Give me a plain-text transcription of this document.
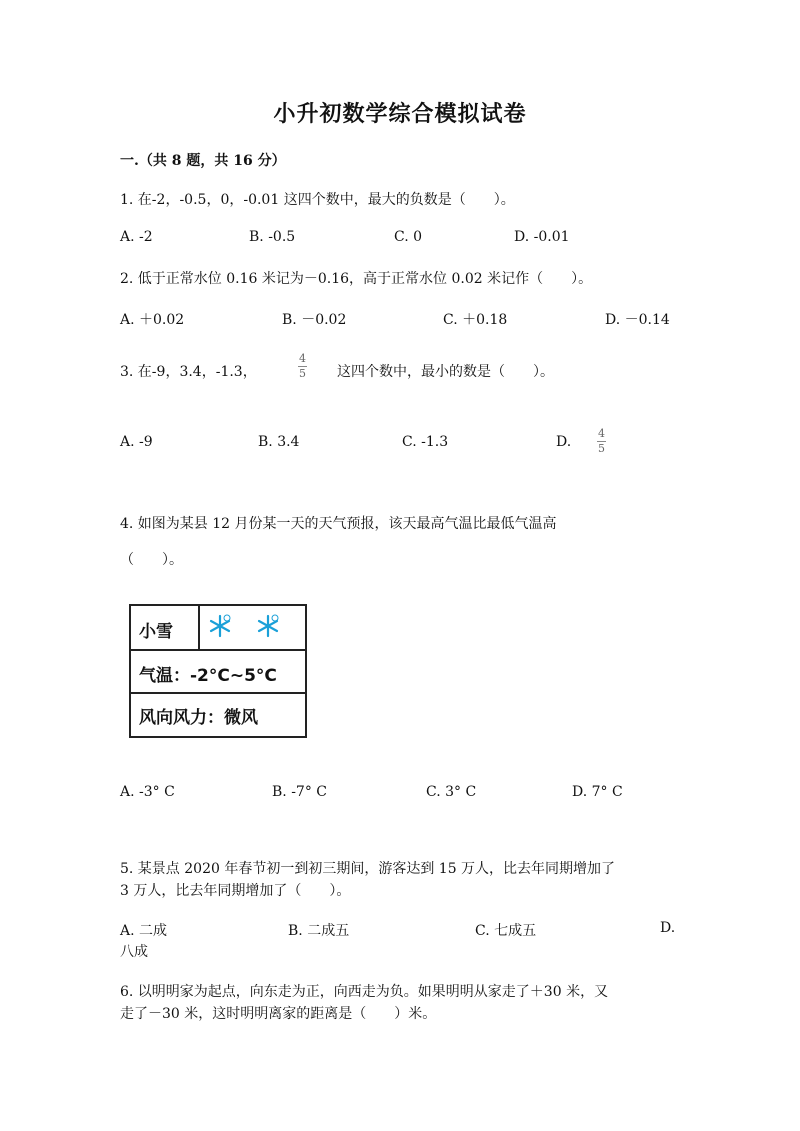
小升初数学综合模拟试卷
一.（共 8 题，共 16 分）
1. 在-2，-0.5，0，-0.01 这四个数中，最大的负数是（　　）。
A. -2	B. -0.5	C. 0	D. -0.01
2. 低于正常水位 0.16 米记为－0.16，高于正常水位 0.02 米记作（　　）。
A. ＋0.02	B. －0.02	C. ＋0.18	D. －0.14
3. 在-9，3.4，-1.3，
4
5 这四个数中，最小的数是（　　）。
A. -9	B. 3.4	C. -1.3	D.
4
5
4. 如图为某县 12 月份某一天的天气预报，该天最高气温比最低气温高
（　　）。
小雪
气温：-2°C~5°C
风向风力：微风
A. -3° C	B. -7° C	C. 3° C	D. 7° C
5. 某景点 2020 年春节初一到初三期间，游客达到 15 万人，比去年同期增加了
3 万人，比去年同期增加了（　　）。
A. 二成	B. 二成五	C. 七成五	D.
八成
6. 以明明家为起点，向东走为正，向西走为负。如果明明从家走了＋30 米，又
走了－30 米，这时明明离家的距离是（　　）米。
